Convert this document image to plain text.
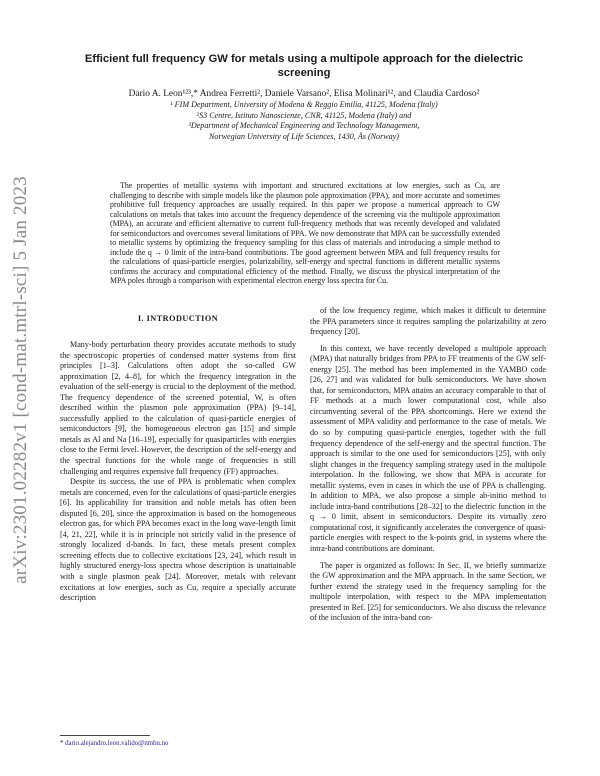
arXiv:2301.02282v1 [cond-mat.mtrl-sci] 5 Jan 2023
Efficient full frequency GW for metals using a multipole approach for the dielectric screening
Dario A. Leon¹²³,* Andrea Ferretti², Daniele Varsano², Elisa Molinari¹², and Claudia Cardoso²
¹ FIM Department, University of Modena & Reggio Emilia, 41125, Modena (Italy)
²S3 Centre, Istituto Nanoscienze, CNR, 41125, Modena (Italy) and
³Department of Mechanical Engineering and Technology Management,
Norwegian University of Life Sciences, 1430, Ås (Norway)
The properties of metallic systems with important and structured excitations at low energies, such as Cu, are challenging to describe with simple models like the plasmon pole approximation (PPA), and more accurate and sometimes prohibitive full frequency approaches are usually required. In this paper we propose a numerical approach to GW calculations on metals that takes into account the frequency dependence of the screening via the multipole approximation (MPA), an accurate and efficient alternative to current full-frequency methods that was recently developed and validated for semiconductors and overcomes several limitations of PPA. We now demonstrate that MPA can be successfully extended to metallic systems by optimizing the frequency sampling for this class of materials and introducing a simple method to include the q → 0 limit of the intra-band contributions. The good agreement between MPA and full frequency results for the calculations of quasi-particle energies, polarizability, self-energy and spectral functions in different metallic systems confirms the accuracy and computational efficiency of the method. Finally, we discuss the physical interpretation of the MPA poles through a comparison with experimental electron energy loss spectra for Cu.
I. INTRODUCTION

Many-body perturbation theory provides accurate methods to study the spectroscopic properties of condensed matter systems from first principles [1–3]. Calculations often adopt the so-called GW approximation [2, 4–8], for which the frequency integration in the evaluation of the self-energy is crucial to the deployment of the method. The frequency dependence of the screened potential, W, is often described within the plasmon pole approximation (PPA) [9–14], successfully applied to the calculation of quasi-particle energies of semiconductors [9], the homogeneous electron gas [15] and simple metals as Al and Na [16–19], especially for quasiparticles with energies close to the Fermi level. However, the description of the self-energy and the spectral functions for the whole range of frequencies is still challenging and requires expensive full frequency (FF) approaches.

Despite its success, the use of PPA is problematic when complex metals are concerned, even for the calculations of quasi-particle energies [6]. Its applicability for transition and noble metals has often been disputed [6, 20], since the approximation is based on the homogeneous electron gas, for which PPA becomes exact in the long wave-length limit [4, 21, 22], while it is in principle not strictly valid in the presence of strongly localized d-bands. In fact, these metals present complex screening effects due to collective excitations [23, 24], which result in highly structured energy-loss spectra whose description is unattainable with a single plasmon peak [24]. Moreover, metals with relevant excitations at low energies, such as Cu, require a specially accurate description

of the low frequency regime, which makes it difficult to determine the PPA parameters since it requires sampling the polarizability at zero frequency [20].

In this context, we have recently developed a multipole approach (MPA) that naturally bridges from PPA to FF treatments of the GW self-energy [25]. The method has been implemented in the YAMBO code [26, 27] and was validated for bulk semiconductors. We have shown that, for semiconductors, MPA attains an accuracy comparable to that of FF methods at a much lower computational cost, while also circumventing several of the PPA shortcomings. Here we extend the assessment of MPA validity and performance to the case of metals. We do so by computing quasi-particle energies, together with the full frequency dependence of the self-energy and the spectral function. The approach is similar to the one used for semiconductors [25], with only slight changes in the frequency sampling strategy used in the multipole interpolation. In the following, we show that MPA is accurate for metallic systems, even in cases in which the use of PPA is challenging. In addition to MPA, we also propose a simple ab-initio method to include intra-band contributions [28–32] to the dielectric function in the q → 0 limit, absent in semiconductors. Despite its virtually zero computational cost, it significantly accelerates the convergence of quasi-particle energies with respect to the k-points grid, in systems where the intra-band contributions are dominant.

The paper is organized as follows: In Sec. II, we briefly summarize the GW approximation and the MPA approach. In the same Section, we further extend the strategy used in the frequency sampling for the multipole interpolation, with respect to the MPA implementation presented in Ref. [25] for semiconductors. We also discuss the relevance of the inclusion of the intra-band con-

* dario.alejandro.leon.valido@nmbu.no
